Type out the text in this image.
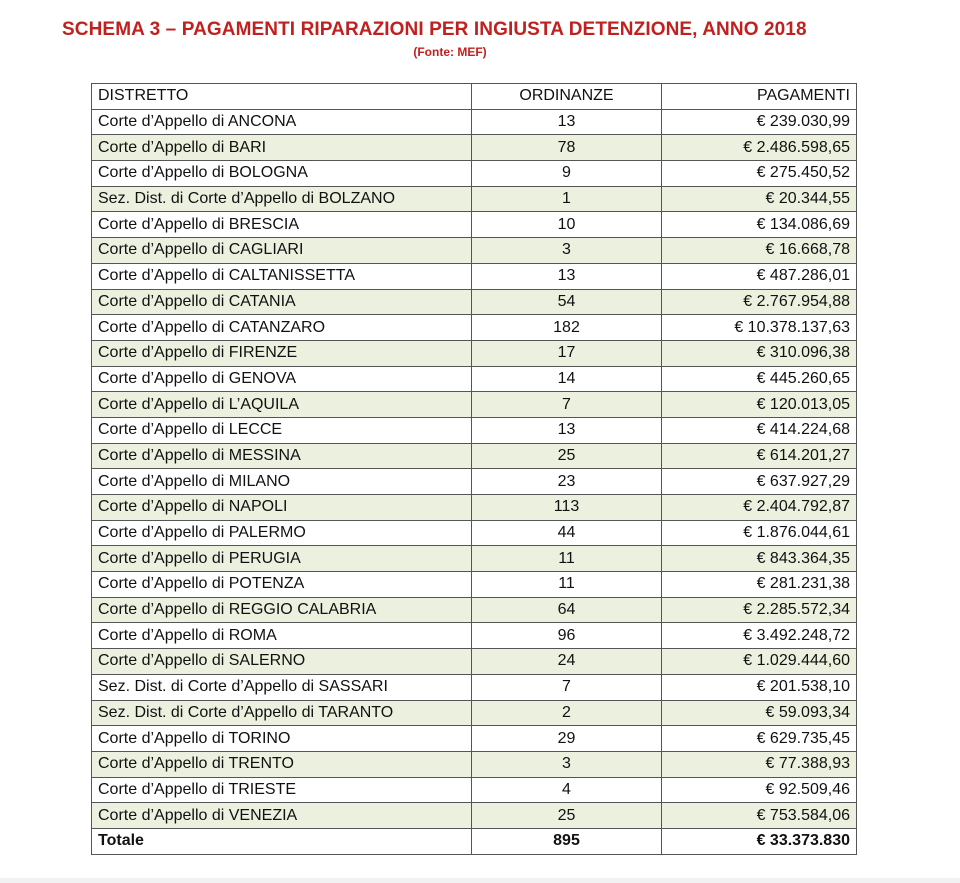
SCHEMA 3 – PAGAMENTI RIPARAZIONI PER INGIUSTA DETENZIONE, ANNO 2018
(Fonte: MEF)
DISTRETTO	ORDINANZE	PAGAMENTI
Corte d’Appello di ANCONA	13	€ 239.030,99
Corte d’Appello di BARI	78	€ 2.486.598,65
Corte d’Appello di BOLOGNA	9	€ 275.450,52
Sez. Dist. di Corte d’Appello di BOLZANO	1	€ 20.344,55
Corte d’Appello di BRESCIA	10	€ 134.086,69
Corte d’Appello di CAGLIARI	3	€ 16.668,78
Corte d’Appello di CALTANISSETTA	13	€ 487.286,01
Corte d’Appello di CATANIA	54	€ 2.767.954,88
Corte d’Appello di CATANZARO	182	€ 10.378.137,63
Corte d’Appello di FIRENZE	17	€ 310.096,38
Corte d’Appello di GENOVA	14	€ 445.260,65
Corte d’Appello di L’AQUILA	7	€ 120.013,05
Corte d’Appello di LECCE	13	€ 414.224,68
Corte d’Appello di MESSINA	25	€ 614.201,27
Corte d’Appello di MILANO	23	€ 637.927,29
Corte d’Appello di NAPOLI	113	€ 2.404.792,87
Corte d’Appello di PALERMO	44	€ 1.876.044,61
Corte d’Appello di PERUGIA	11	€ 843.364,35
Corte d’Appello di POTENZA	11	€ 281.231,38
Corte d’Appello di REGGIO CALABRIA	64	€ 2.285.572,34
Corte d’Appello di ROMA	96	€ 3.492.248,72
Corte d’Appello di SALERNO	24	€ 1.029.444,60
Sez. Dist. di Corte d’Appello di SASSARI	7	€ 201.538,10
Sez. Dist. di Corte d’Appello di TARANTO	2	€ 59.093,34
Corte d’Appello di TORINO	29	€ 629.735,45
Corte d’Appello di TRENTO	3	€ 77.388,93
Corte d’Appello di TRIESTE	4	€ 92.509,46
Corte d’Appello di VENEZIA	25	€ 753.584,06
Totale	895	€ 33.373.830
